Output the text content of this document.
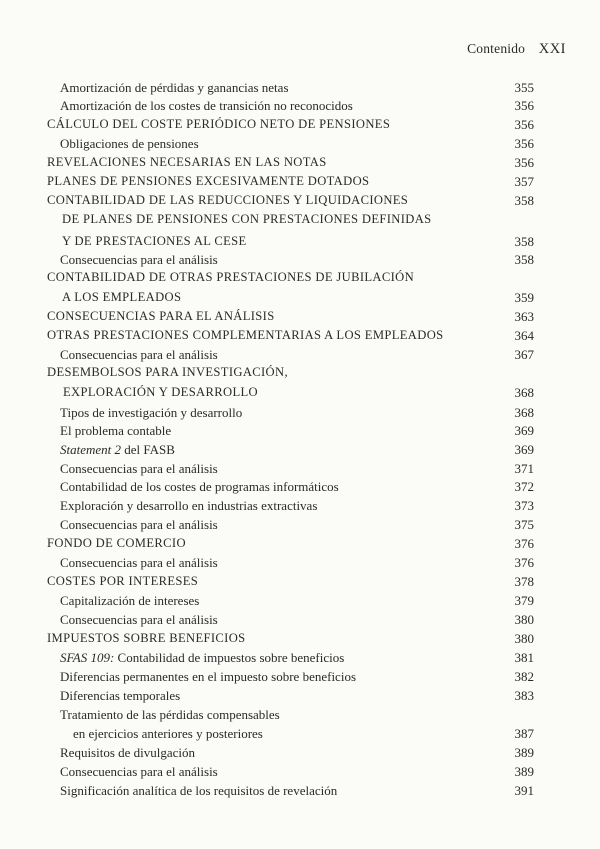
Contenido XXI
Amortización de pérdidas y ganancias netas	355
Amortización de los costes de transición no reconocidos	356
CÁLCULO DEL COSTE PERIÓDICO NETO DE PENSIONES	356
Obligaciones de pensiones	356
REVELACIONES NECESARIAS EN LAS NOTAS	356
PLANES DE PENSIONES EXCESIVAMENTE DOTADOS	357
CONTABILIDAD DE LAS REDUCCIONES Y LIQUIDACIONES	358
DE PLANES DE PENSIONES CON PRESTACIONES DEFINIDAS
Y DE PRESTACIONES AL CESE	358
Consecuencias para el análisis	358
CONTABILIDAD DE OTRAS PRESTACIONES DE JUBILACIÓN
A LOS EMPLEADOS	359
CONSECUENCIAS PARA EL ANÁLISIS	363
OTRAS PRESTACIONES COMPLEMENTARIAS A LOS EMPLEADOS	364
Consecuencias para el análisis	367
DESEMBOLSOS PARA INVESTIGACIÓN,
EXPLORACIÓN Y DESARROLLO	368
Tipos de investigación y desarrollo	368
El problema contable	369
Statement 2 del FASB	369
Consecuencias para el análisis	371
Contabilidad de los costes de programas informáticos	372
Exploración y desarrollo en industrias extractivas	373
Consecuencias para el análisis	375
FONDO DE COMERCIO	376
Consecuencias para el análisis	376
COSTES POR INTERESES	378
Capitalización de intereses	379
Consecuencias para el análisis	380
IMPUESTOS SOBRE BENEFICIOS	380
SFAS 109: Contabilidad de impuestos sobre beneficios	381
Diferencias permanentes en el impuesto sobre beneficios	382
Diferencias temporales	383
Tratamiento de las pérdidas compensables
en ejercicios anteriores y posteriores	387
Requisitos de divulgación	389
Consecuencias para el análisis	389
Significación analítica de los requisitos de revelación	391
